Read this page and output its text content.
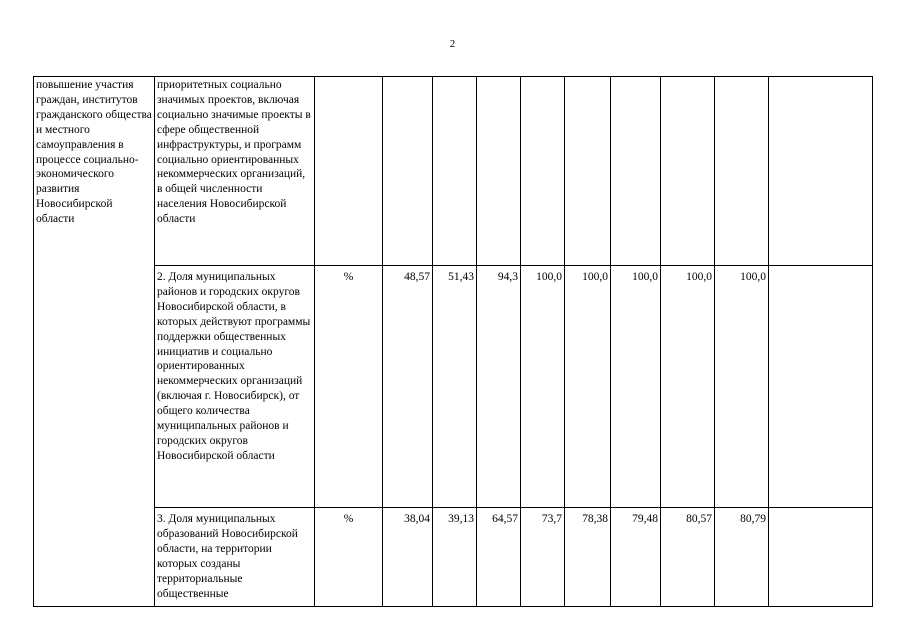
2
повышение участия граждан, институтов гражданского общества и местного самоуправления в процессе социально-экономического развития Новосибирской области	приоритетных социально значимых проектов, включая социально значимые проекты в сфере общественной инфраструктуры, и программ социально ориентированных некоммерческих организаций, в общей численности населения Новосибирской области										
	2. Доля муниципальных районов и городских округов Новосибирской области, в которых действуют программы поддержки общественных инициатив и социально ориентированных некоммерческих организаций (включая г. Новосибирск), от общего количества муниципальных районов и городских округов Новосибирской области	%	48,57	51,43	94,3	100,0	100,0	100,0	100,0	100,0	
	3. Доля муниципальных образований Новосибирской области, на территории которых созданы территориальные общественные	%	38,04	39,13	64,57	73,7	78,38	79,48	80,57	80,79	
